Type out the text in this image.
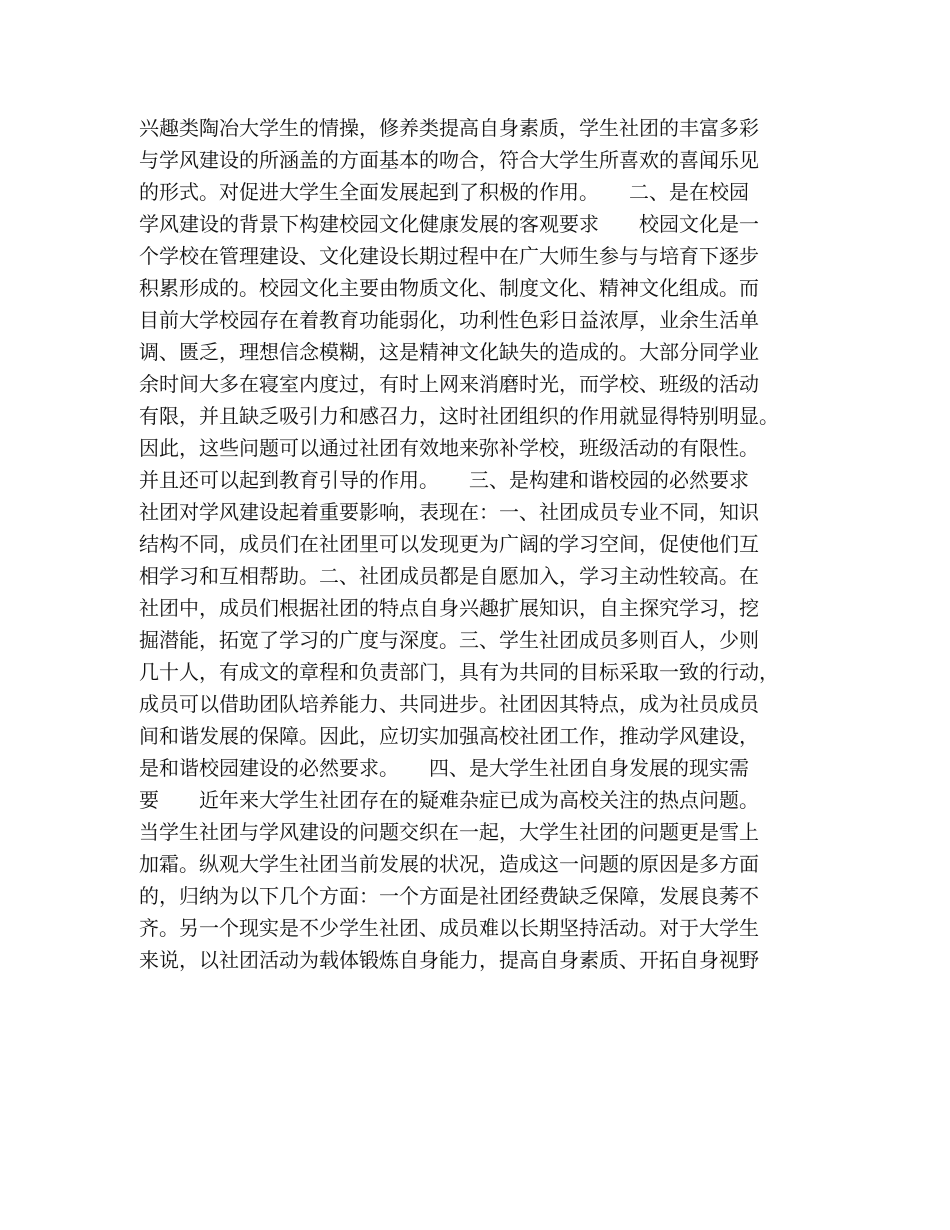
兴趣类陶冶大学生的情操，修养类提高自身素质，学生社团的丰富多彩
与学风建设的所涵盖的方面基本的吻合，符合大学生所喜欢的喜闻乐见
的形式。对促进大学生全面发展起到了积极的作用。　　二、是在校园
学风建设的背景下构建校园文化健康发展的客观要求　　校园文化是一
个学校在管理建设、文化建设长期过程中在广大师生参与与培育下逐步
积累形成的。校园文化主要由物质文化、制度文化、精神文化组成。而
目前大学校园存在着教育功能弱化，功利性色彩日益浓厚，业余生活单
调、匮乏，理想信念模糊，这是精神文化缺失的造成的。大部分同学业
余时间大多在寝室内度过，有时上网来消磨时光，而学校、班级的活动
有限，并且缺乏吸引力和感召力，这时社团组织的作用就显得特别明显。
因此，这些问题可以通过社团有效地来弥补学校，班级活动的有限性。
并且还可以起到教育引导的作用。　　三、是构建和谐校园的必然要求
社团对学风建设起着重要影响，表现在：一、社团成员专业不同，知识
结构不同，成员们在社团里可以发现更为广阔的学习空间，促使他们互
相学习和互相帮助。二、社团成员都是自愿加入，学习主动性较高。在
社团中，成员们根据社团的特点自身兴趣扩展知识，自主探究学习，挖
掘潜能，拓宽了学习的广度与深度。三、学生社团成员多则百人，少则
几十人，有成文的章程和负责部门，具有为共同的目标采取一致的行动，
成员可以借助团队培养能力、共同进步。社团因其特点，成为社员成员
间和谐发展的保障。因此，应切实加强高校社团工作，推动学风建设，
是和谐校园建设的必然要求。　　四、是大学生社团自身发展的现实需
要　　近年来大学生社团存在的疑难杂症已成为高校关注的热点问题。
当学生社团与学风建设的问题交织在一起，大学生社团的问题更是雪上
加霜。纵观大学生社团当前发展的状况，造成这一问题的原因是多方面
的，归纳为以下几个方面：一个方面是社团经费缺乏保障，发展良莠不
齐。另一个现实是不少学生社团、成员难以长期坚持活动。对于大学生
来说，以社团活动为载体锻炼自身能力，提高自身素质、开拓自身视野
